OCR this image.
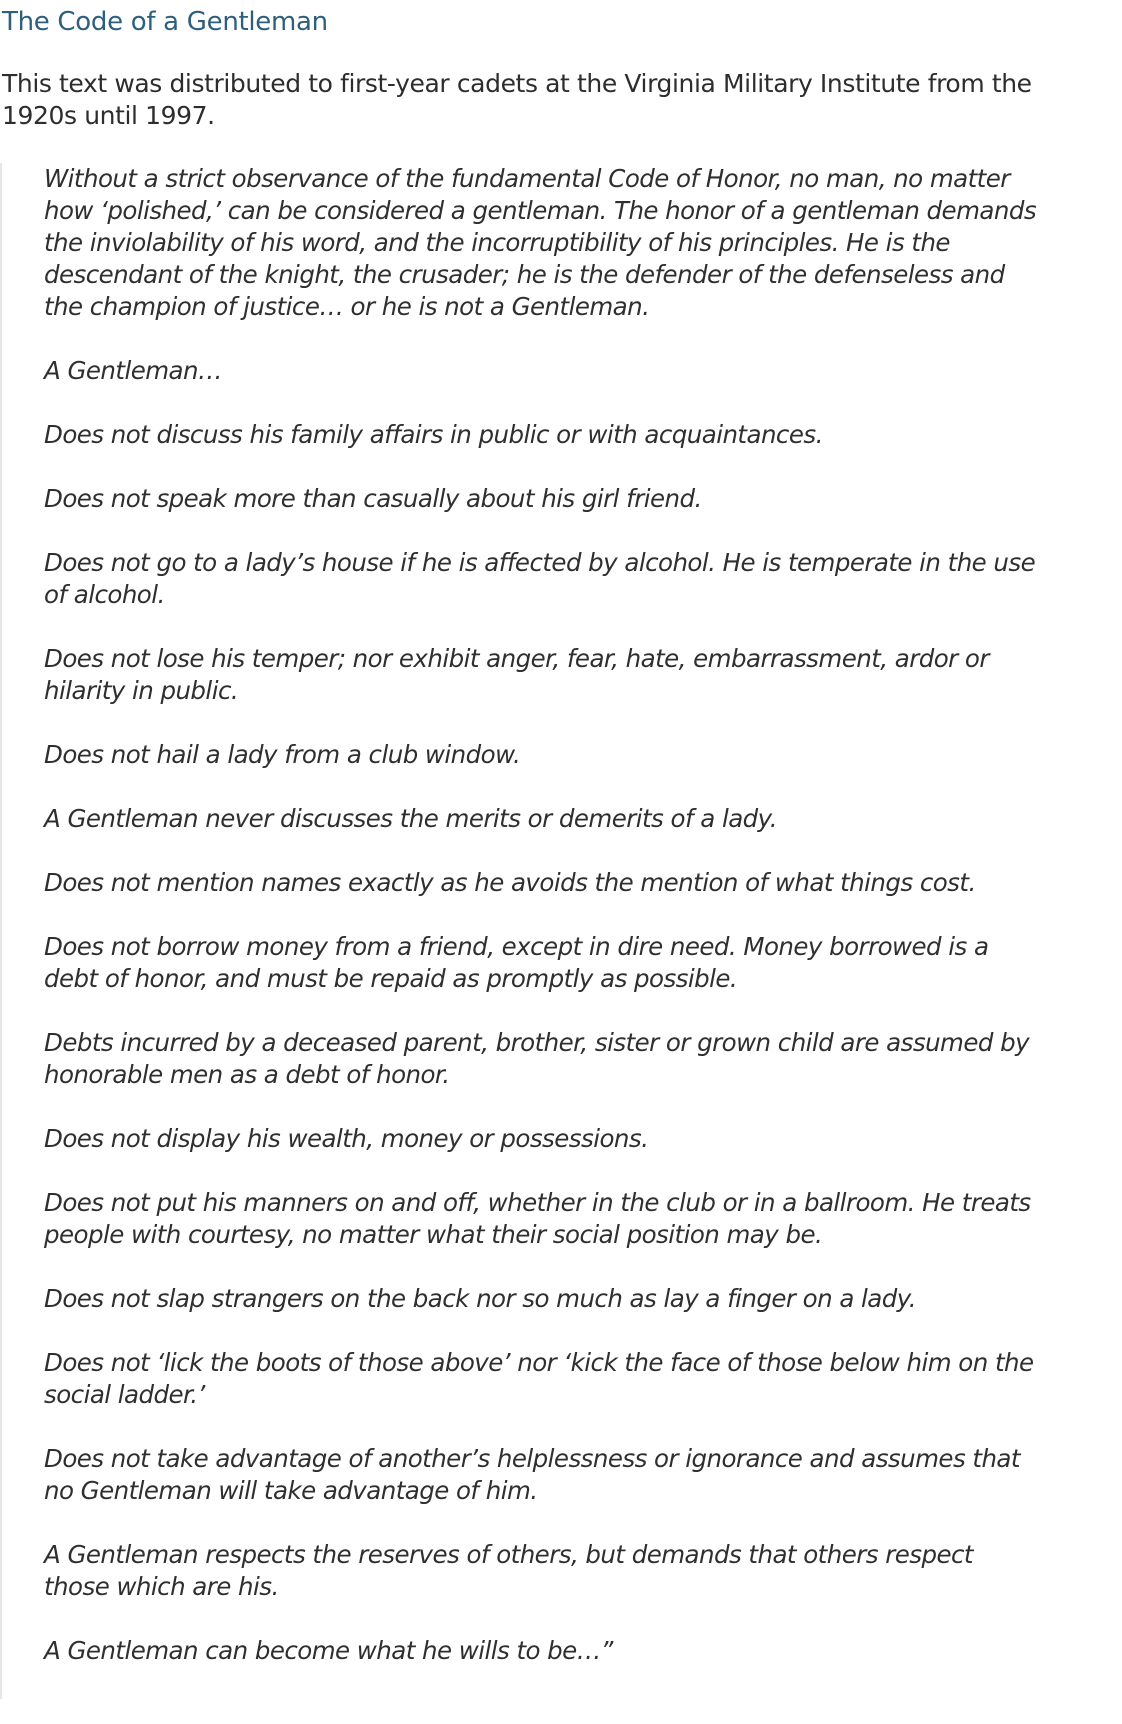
The Code of a Gentleman

This text was distributed to first-year cadets at the Virginia Military Institute from the 1920s until 1997.

Without a strict observance of the fundamental Code of Honor, no man, no matter how ‘polished,’ can be considered a gentleman. The honor of a gentleman demands the inviolability of his word, and the incorruptibility of his principles. He is the descendant of the knight, the crusader; he is the defender of the defenseless and the champion of justice… or he is not a Gentleman.

A Gentleman…

Does not discuss his family affairs in public or with acquaintances.

Does not speak more than casually about his girl friend.

Does not go to a lady’s house if he is affected by alcohol. He is temperate in the use of alcohol.

Does not lose his temper; nor exhibit anger, fear, hate, embarrassment, ardor or hilarity in public.

Does not hail a lady from a club window.

A Gentleman never discusses the merits or demerits of a lady.

Does not mention names exactly as he avoids the mention of what things cost.

Does not borrow money from a friend, except in dire need. Money borrowed is a debt of honor, and must be repaid as promptly as possible.

Debts incurred by a deceased parent, brother, sister or grown child are assumed by honorable men as a debt of honor.

Does not display his wealth, money or possessions.

Does not put his manners on and off, whether in the club or in a ballroom. He treats people with courtesy, no matter what their social position may be.

Does not slap strangers on the back nor so much as lay a finger on a lady.

Does not ‘lick the boots of those above’ nor ‘kick the face of those below him on the social ladder.’

Does not take advantage of another’s helplessness or ignorance and assumes that no Gentleman will take advantage of him.

A Gentleman respects the reserves of others, but demands that others respect those which are his.

A Gentleman can become what he wills to be…”
